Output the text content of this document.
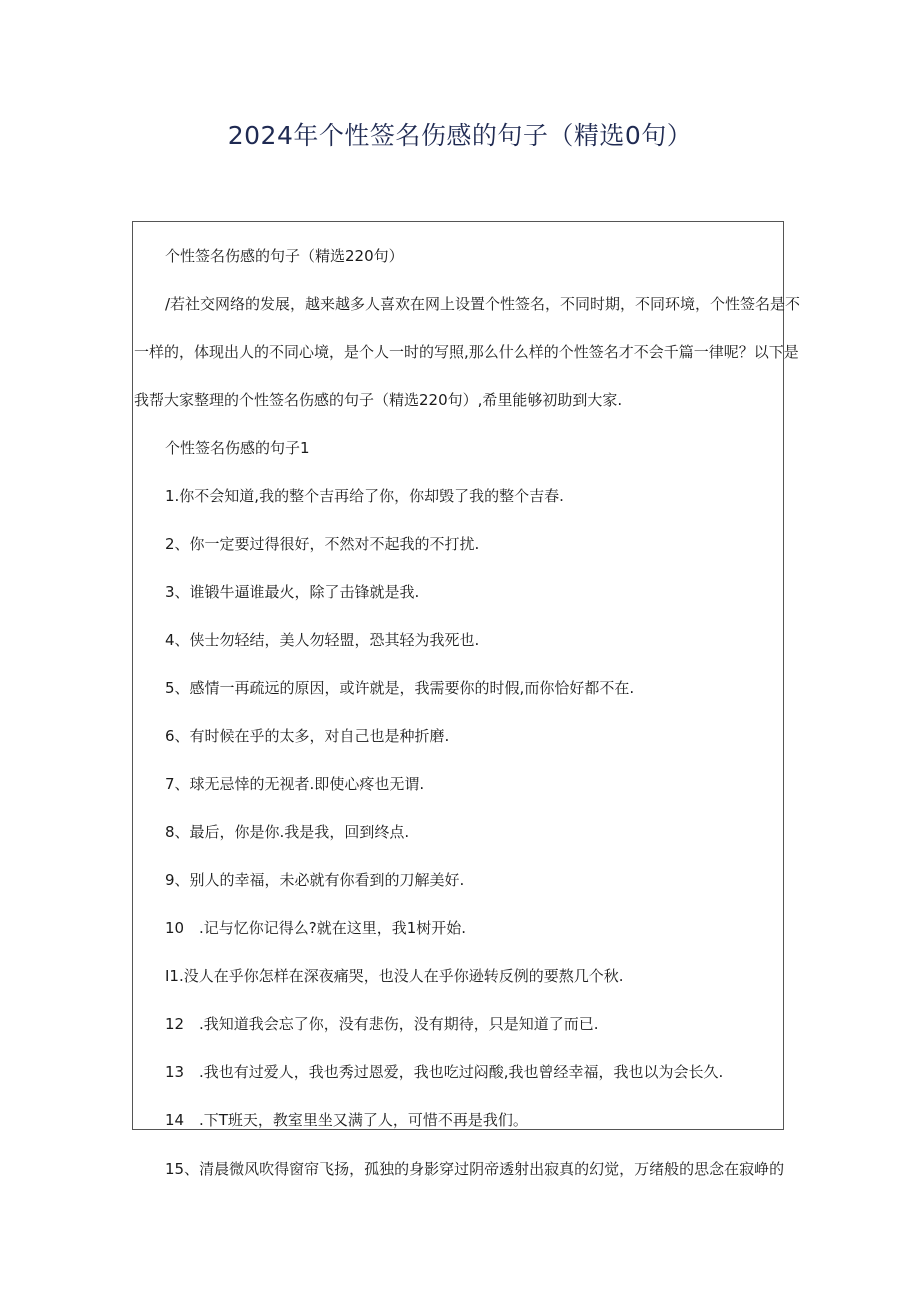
2024年个性签名伤感的句子（精选0句）
个性签名伤感的句子（精选220句）
/若社交网络的发展，越来越多人喜欢在网上设置个性签名，不同时期，不同环境，个性签名是不
一样的，体现出人的不同心境，是个人一时的写照,那么什么样的个性签名才不会千篇一律呢？以下是
我帮大家整理的个性签名伤感的句子（精选220句）,希里能够初助到大家.
个性签名伤感的句子1
1.你不会知道,我的整个吉再给了你，你却毁了我的整个吉春.
2、你一定要过得很好，不然对不起我的不打扰.
3、谁锻牛逼谁最火，除了击锋就是我.
4、侠士勿轻结，美人勿轻盟，恐其轻为我死也.
5、感情一再疏远的原因，或许就是，我需要你的时假,而你恰好都不在.
6、有时候在乎的太多，对自己也是种折磨.
7、球无忌悻的无视者.即使心疼也无谓.
8、最后，你是你.我是我，回到终点.
9、别人的幸福，未必就有你看到的刀解美好.
10 .记与忆你记得么?就在这里，我1树开始.
I1.没人在乎你怎样在深夜痛哭，也没人在乎你逊转反例的要熬几个秋.
12 .我知道我会忘了你，没有悲伤，没有期待，只是知道了而已.
13 .我也有过爱人，我也秀过恩爱，我也吃过闷酸,我也曾经幸福，我也以为会长久.
14 .下T班天，教室里坐又满了人，可惜不再是我们。
15、清晨微风吹得窗帘飞扬，孤独的身影穿过阴帝透射出寂真的幻觉，万绪般的思念在寂峥的
